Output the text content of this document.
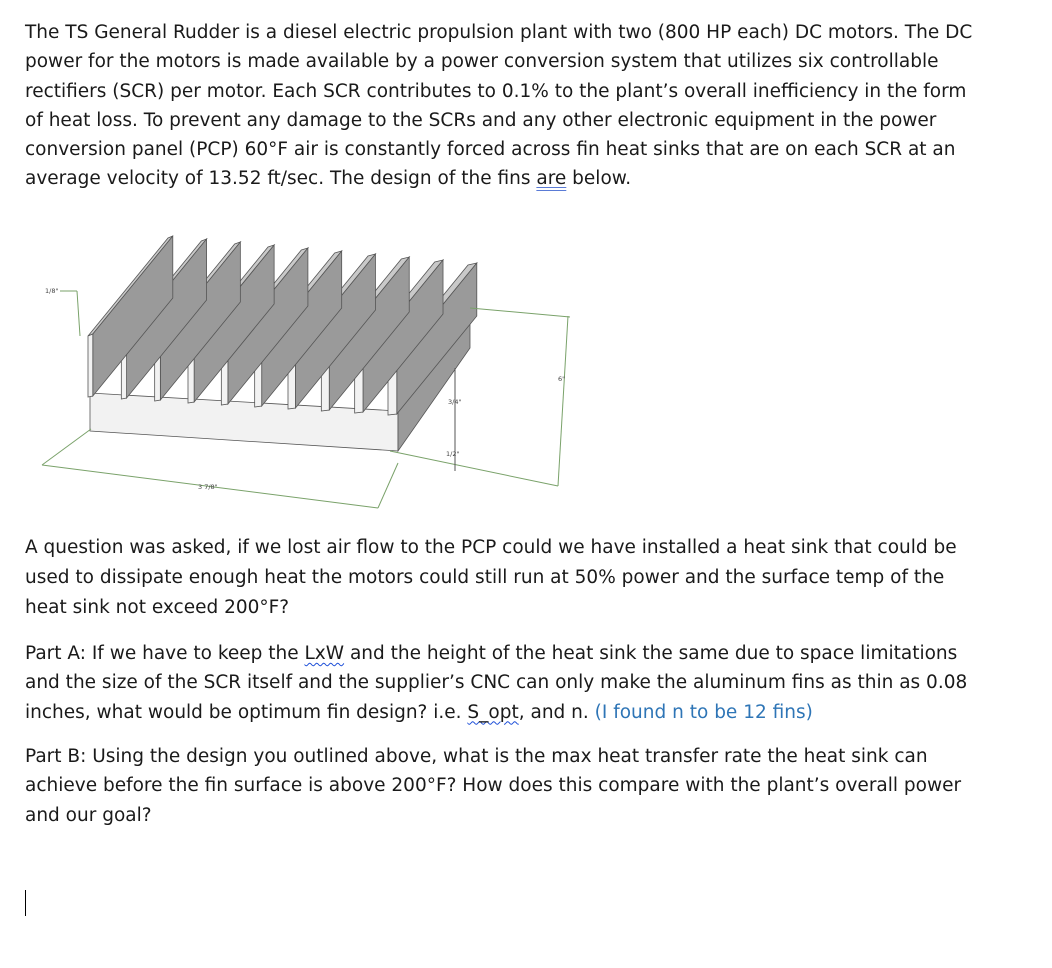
The TS General Rudder is a diesel electric propulsion plant with two (800 HP each) DC motors. The DC power for the motors is made available by a power conversion system that utilizes six controllable rectifiers (SCR) per motor. Each SCR contributes to 0.1% to the plant’s overall inefficiency in the form of heat loss. To prevent any damage to the SCRs and any other electronic equipment in the power conversion panel (PCP) 60°F air is constantly forced across fin heat sinks that are on each SCR at an average velocity of 13.52 ft/sec. The design of the fins are below.

1/8"
3 7/8"
3/4"
1/2"
6"

A question was asked, if we lost air flow to the PCP could we have installed a heat sink that could be used to dissipate enough heat the motors could still run at 50% power and the surface temp of the heat sink not exceed 200°F?

Part A: If we have to keep the LxW and the height of the heat sink the same due to space limitations and the size of the SCR itself and the supplier’s CNC can only make the aluminum fins as thin as 0.08 inches, what would be optimum fin design? i.e. S_opt, and n. (I found n to be 12 fins)

Part B: Using the design you outlined above, what is the max heat transfer rate the heat sink can achieve before the fin surface is above 200°F? How does this compare with the plant’s overall power and our goal?
